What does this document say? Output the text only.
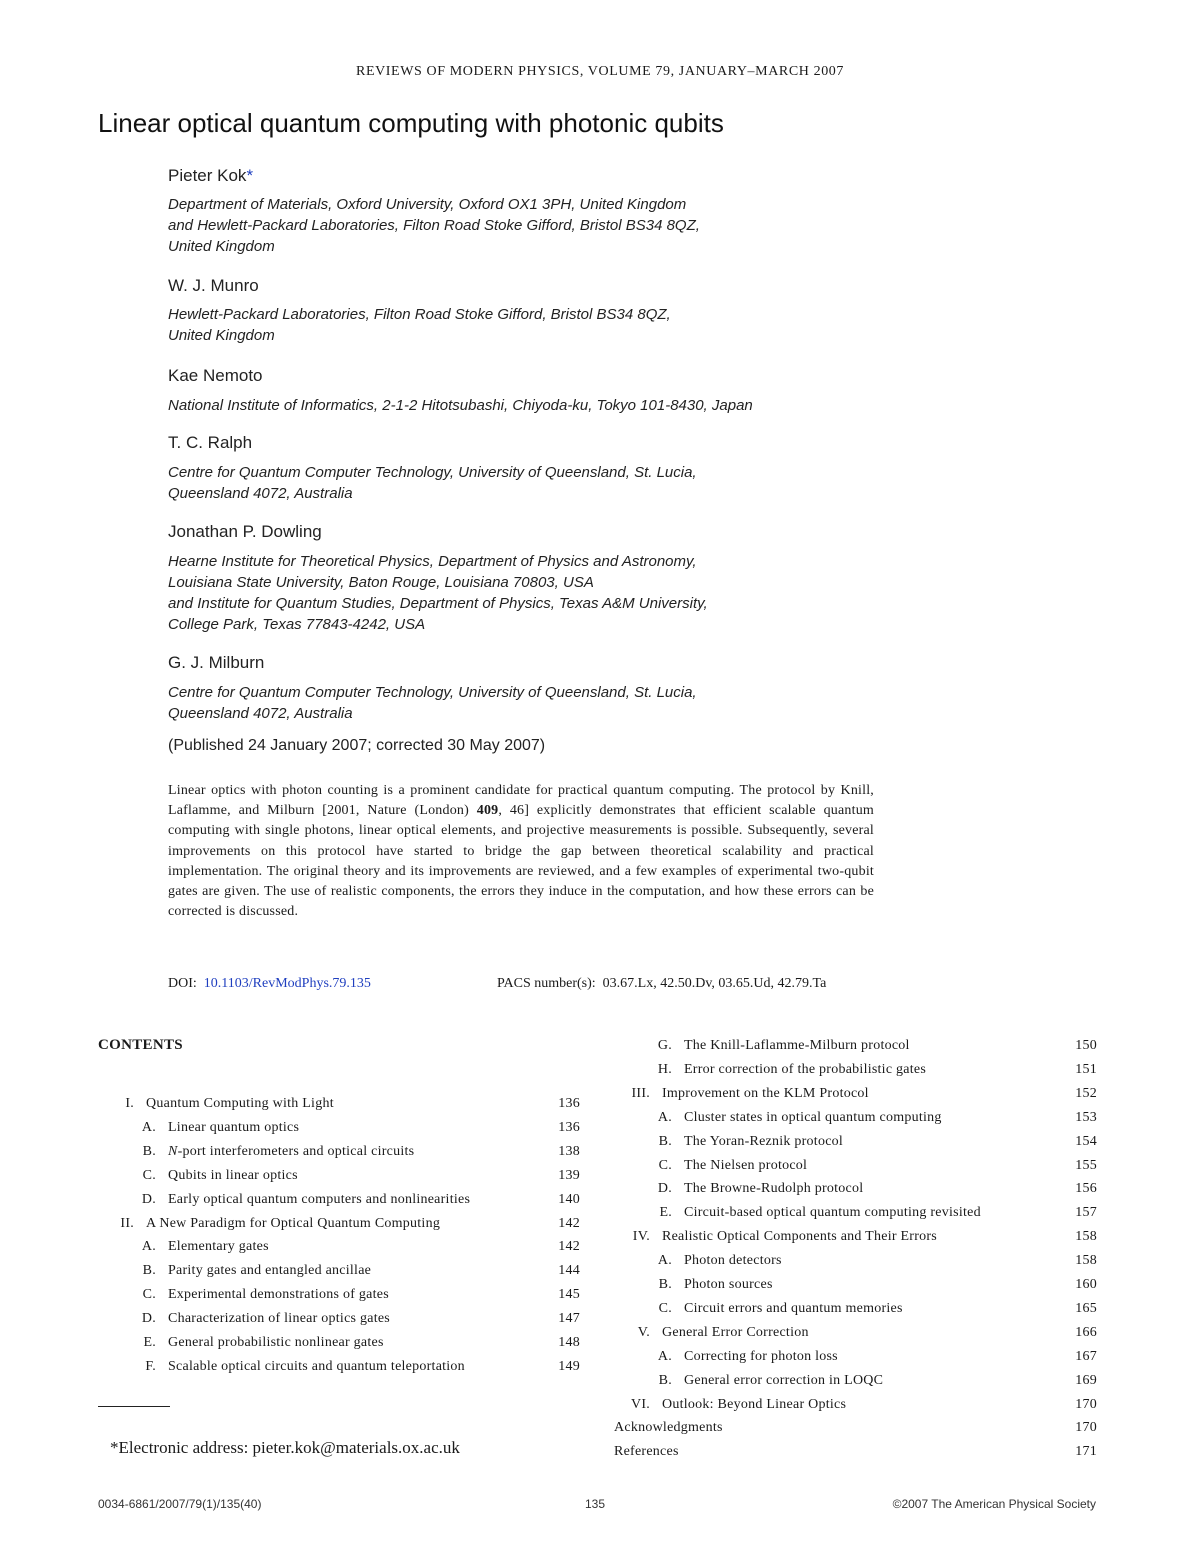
REVIEWS OF MODERN PHYSICS, VOLUME 79, JANUARY–MARCH 2007
Linear optical quantum computing with photonic qubits
Pieter Kok*
Department of Materials, Oxford University, Oxford OX1 3PH, United Kingdom
and Hewlett-Packard Laboratories, Filton Road Stoke Gifford, Bristol BS34 8QZ,
United Kingdom
W. J. Munro
Hewlett-Packard Laboratories, Filton Road Stoke Gifford, Bristol BS34 8QZ,
United Kingdom
Kae Nemoto
National Institute of Informatics, 2-1-2 Hitotsubashi, Chiyoda-ku, Tokyo 101-8430, Japan
T. C. Ralph
Centre for Quantum Computer Technology, University of Queensland, St. Lucia,
Queensland 4072, Australia
Jonathan P. Dowling
Hearne Institute for Theoretical Physics, Department of Physics and Astronomy,
Louisiana State University, Baton Rouge, Louisiana 70803, USA
and Institute for Quantum Studies, Department of Physics, Texas A&M University,
College Park, Texas 77843-4242, USA
G. J. Milburn
Centre for Quantum Computer Technology, University of Queensland, St. Lucia,
Queensland 4072, Australia
(Published 24 January 2007; corrected 30 May 2007)
Linear optics with photon counting is a prominent candidate for practical quantum computing. The protocol by Knill, Laflamme, and Milburn [2001, Nature (London) 409, 46] explicitly demonstrates that efficient scalable quantum computing with single photons, linear optical elements, and projective measurements is possible. Subsequently, several improvements on this protocol have started to bridge the gap between theoretical scalability and practical implementation. The original theory and its improvements are reviewed, and a few examples of experimental two-qubit gates are given. The use of realistic components, the errors they induce in the computation, and how these errors can be corrected is discussed.
DOI: 10.1103/RevModPhys.79.135	PACS number(s): 03.67.Lx, 42.50.Dv, 03.65.Ud, 42.79.Ta
CONTENTS
I. Quantum Computing with Light	136
A. Linear quantum optics	136
B. N-port interferometers and optical circuits	138
C. Qubits in linear optics	139
D. Early optical quantum computers and nonlinearities	140
II. A New Paradigm for Optical Quantum Computing	142
A. Elementary gates	142
B. Parity gates and entangled ancillae	144
C. Experimental demonstrations of gates	145
D. Characterization of linear optics gates	147
E. General probabilistic nonlinear gates	148
F. Scalable optical circuits and quantum teleportation	149
G. The Knill-Laflamme-Milburn protocol	150
H. Error correction of the probabilistic gates	151
III. Improvement on the KLM Protocol	152
A. Cluster states in optical quantum computing	153
B. The Yoran-Reznik protocol	154
C. The Nielsen protocol	155
D. The Browne-Rudolph protocol	156
E. Circuit-based optical quantum computing revisited	157
IV. Realistic Optical Components and Their Errors	158
A. Photon detectors	158
B. Photon sources	160
C. Circuit errors and quantum memories	165
V. General Error Correction	166
A. Correcting for photon loss	167
B. General error correction in LOQC	169
VI. Outlook: Beyond Linear Optics	170
Acknowledgments	170
References	171
*Electronic address: pieter.kok@materials.ox.ac.uk
0034-6861/2007/79(1)/135(40)	135	©2007 The American Physical Society
